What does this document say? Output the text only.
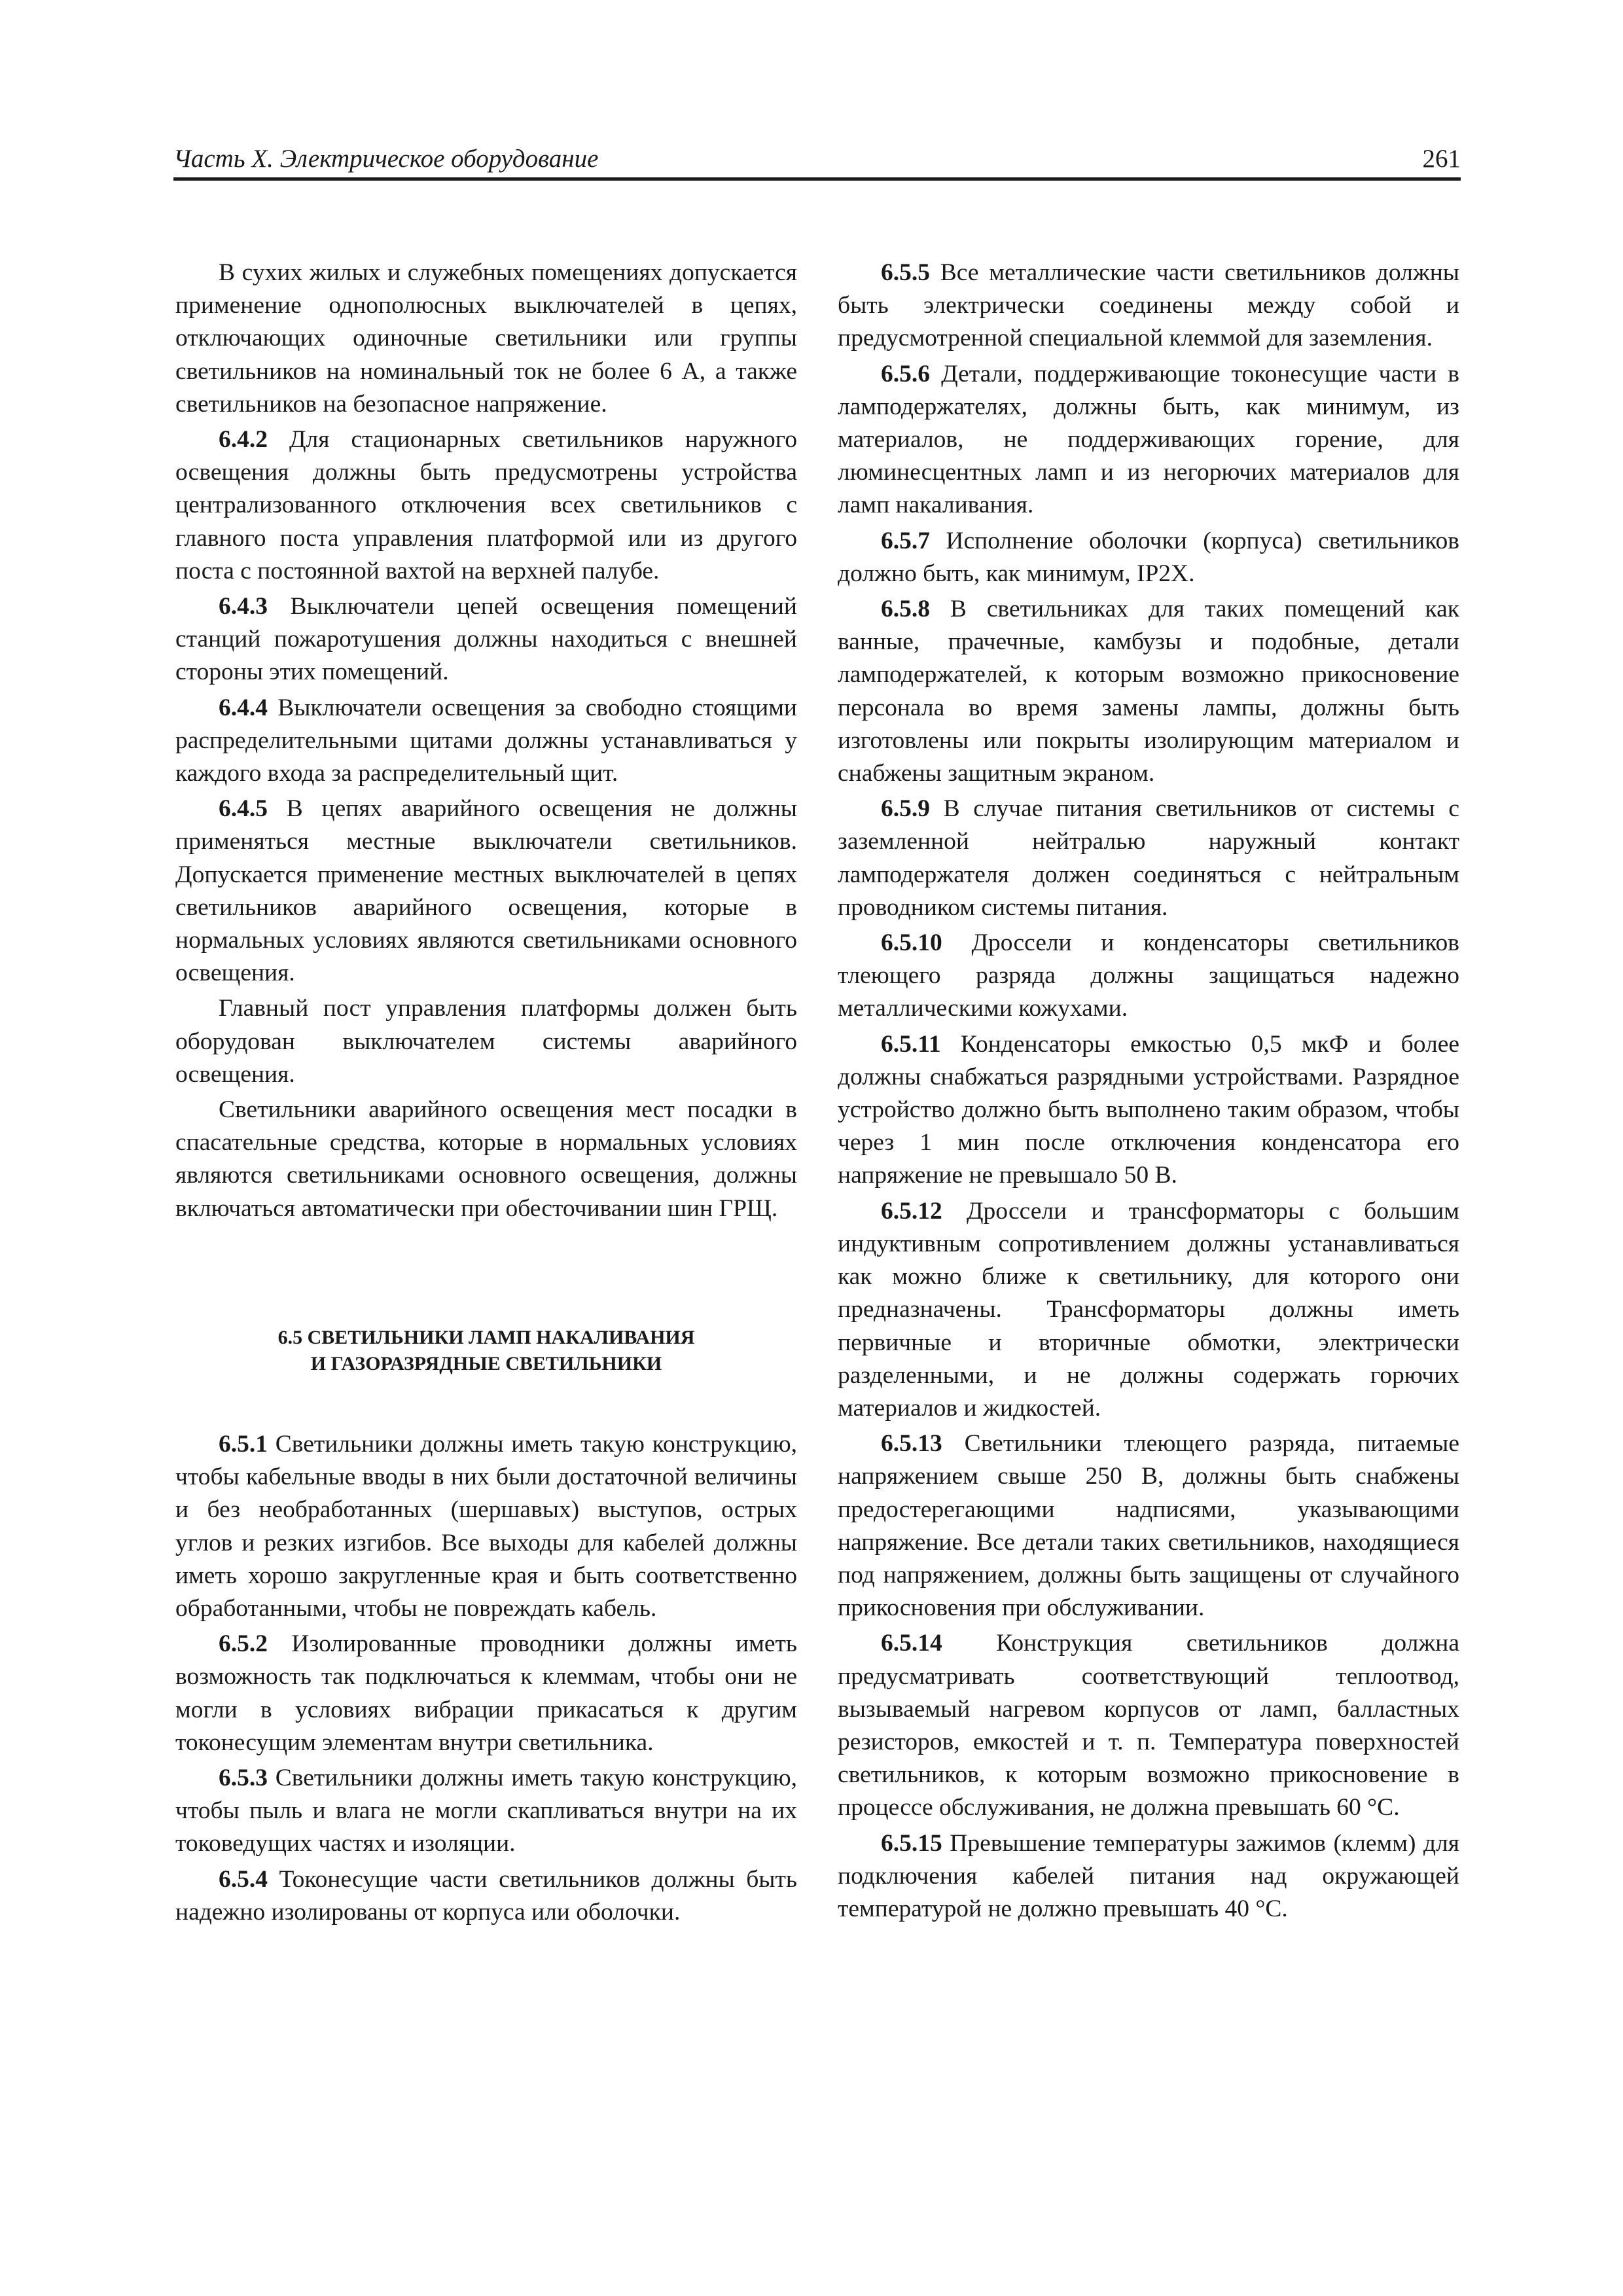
Часть X. Электрическое оборудование	261

В сухих жилых и служебных помещениях допускается применение однополюсных выключателей в цепях, отключающих одиночные светильники или группы светильников на номинальный ток не более 6 А, а также светильников на безопасное напряжение.

6.4.2 Для стационарных светильников наружного освещения должны быть предусмотрены устройства централизованного отключения всех светильников с главного поста управления платформой или из другого поста с постоянной вахтой на верхней палубе.

6.4.3 Выключатели цепей освещения помещений станций пожаротушения должны находиться с внешней стороны этих помещений.

6.4.4 Выключатели освещения за свободно стоящими распределительными щитами должны устанавливаться у каждого входа за распределительный щит.

6.4.5 В цепях аварийного освещения не должны применяться местные выключатели светильников. Допускается применение местных выключателей в цепях светильников аварийного освещения, которые в нормальных условиях являются светильниками основного освещения.

Главный пост управления платформы должен быть оборудован выключателем системы аварийного освещения.

Светильники аварийного освещения мест посадки в спасательные средства, которые в нормальных условиях являются светильниками основного освещения, должны включаться автоматически при обесточивании шин ГРЩ.

6.5 СВЕТИЛЬНИКИ ЛАМП НАКАЛИВАНИЯ
И ГАЗОРАЗРЯДНЫЕ СВЕТИЛЬНИКИ

6.5.1 Светильники должны иметь такую конструкцию, чтобы кабельные вводы в них были достаточной величины и без необработанных (шершавых) выступов, острых углов и резких изгибов. Все выходы для кабелей должны иметь хорошо закругленные края и быть соответственно обработанными, чтобы не повреждать кабель.

6.5.2 Изолированные проводники должны иметь возможность так подключаться к клеммам, чтобы они не могли в условиях вибрации прикасаться к другим токонесущим элементам внутри светильника.

6.5.3 Светильники должны иметь такую конструкцию, чтобы пыль и влага не могли скапливаться внутри на их токоведущих частях и изоляции.

6.5.4 Токонесущие части светильников должны быть надежно изолированы от корпуса или оболочки.

6.5.5 Все металлические части светильников должны быть электрически соединены между собой и предусмотренной специальной клеммой для заземления.

6.5.6 Детали, поддерживающие токонесущие части в ламподержателях, должны быть, как минимум, из материалов, не поддерживающих горение, для люминесцентных ламп и из негорючих материалов для ламп накаливания.

6.5.7 Исполнение оболочки (корпуса) светильников должно быть, как минимум, IP2X.

6.5.8 В светильниках для таких помещений как ванные, прачечные, камбузы и подобные, детали ламподержателей, к которым возможно прикосновение персонала во время замены лампы, должны быть изготовлены или покрыты изолирующим материалом и снабжены защитным экраном.

6.5.9 В случае питания светильников от системы с заземленной нейтралью наружный контакт ламподержателя должен соединяться с нейтральным проводником системы питания.

6.5.10 Дроссели и конденсаторы светильников тлеющего разряда должны защищаться надежно металлическими кожухами.

6.5.11 Конденсаторы емкостью 0,5 мкФ и более должны снабжаться разрядными устройствами. Разрядное устройство должно быть выполнено таким образом, чтобы через 1 мин после отключения конденсатора его напряжение не превышало 50 В.

6.5.12 Дроссели и трансформаторы с большим индуктивным сопротивлением должны устанавливаться как можно ближе к светильнику, для которого они предназначены. Трансформаторы должны иметь первичные и вторичные обмотки, электрически разделенными, и не должны содержать горючих материалов и жидкостей.

6.5.13 Светильники тлеющего разряда, питаемые напряжением свыше 250 В, должны быть снабжены предостерегающими надписями, указывающими напряжение. Все детали таких светильников, находящиеся под напряжением, должны быть защищены от случайного прикосновения при обслуживании.

6.5.14 Конструкция светильников должна предусматривать соответствующий теплоотвод, вызываемый нагревом корпусов от ламп, балластных резисторов, емкостей и т. п. Температура поверхностей светильников, к которым возможно прикосновение в процессе обслуживания, не должна превышать 60 °С.

6.5.15 Превышение температуры зажимов (клемм) для подключения кабелей питания над окружающей температурой не должно превышать 40 °С.
